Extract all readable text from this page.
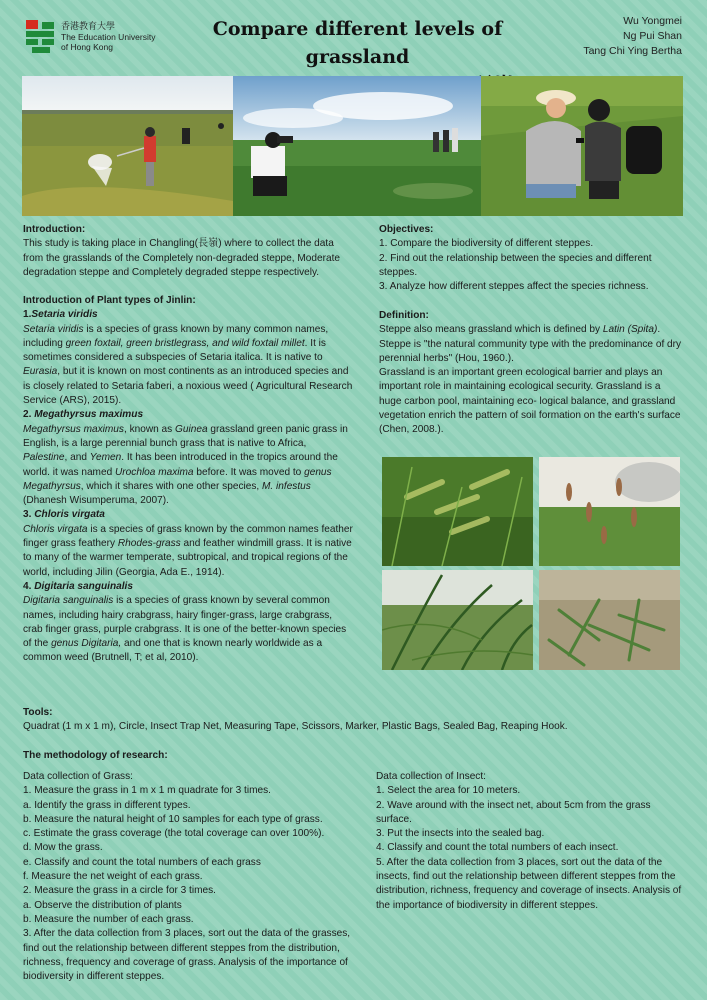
香港教育大學
The Education University
of Hong Kong
Compare different levels of grassland
Wu Yongmei
Ng Pui Shan
Tang Chi Ying Bertha

Introduction:

This study is taking place in Changling(長嶺) where to collect the data from the grasslands of the Completely non-degraded steppe, Moderate degradation steppe and Completely degraded steppe respectively.

Introduction of Plant types of Jinlin:

1.Setaria viridis

Setaria viridis is a species of grass known by many common names, including green foxtail, green bristlegrass, and wild foxtail millet. It is sometimes considered a subspecies of Setaria italica. It is native to Eurasia, but it is known on most continents as an introduced species and is closely related to Setaria faberi, a noxious weed ( Agricultural Research Service (ARS), 2015).

2. Megathyrsus maximus

Megathyrsus maximus, known as Guinea grassland green panic grass in English, is a large perennial bunch grass that is native to Africa, Palestine, and Yemen. It has been introduced in the tropics around the world. it was named Urochloa maxima before. It was moved to genus Megathyrsus, which it shares with one other species, M. infestus (Dhanesh Wisumperuma, 2007).

3. Chloris virgata

Chloris virgata is a species of grass known by the common names feather finger grass feathery Rhodes-grass and feather windmill grass. It is native to many of the warmer temperate, subtropical, and tropical regions of the world, including Jilin (Georgia, Ada E., 1914).

4. Digitaria sanguinalis

Digitaria sanguinalis is a species of grass known by several common names, including hairy crabgrass, hairy finger-grass, large crabgrass, crab finger grass, purple crabgrass. It is one of the better-known species of the genus Digitaria, and one that is known nearly worldwide as a common weed (Brutnell, T; et al, 2010).

Objectives:

1. Compare the biodiversity of different steppes.

2. Find out the relationship between the species and different steppes.

3. Analyze how different steppes affect the species richness.

Definition:

Steppe also means grassland which is defined by Latin (Spita). Steppe is "the natural community type with the predominance of dry perennial herbs" (Hou, 1960.).

Grassland is an important green ecological barrier and plays an important role in maintaining ecological security. Grassland is a huge carbon pool, maintaining eco- logical balance, and grassland vegetation enrich the pattern of soil formation on the earth's surface (Chen, 2008.).

Tools:

Quadrat (1 m x 1 m), Circle, Insect Trap Net, Measuring Tape, Scissors, Marker, Plastic Bags, Sealed Bag, Reaping Hook.

The methodology of research:

Data collection of Grass:

1. Measure the grass in 1 m x 1 m quadrate for 3 times.
a. Identify the grass in different types.
b. Measure the natural height of 10 samples for each type of grass.
c. Estimate the grass coverage (the total coverage can over 100%).
d. Mow the grass.
e. Classify and count the total numbers of each grass
f. Measure the net weight of each grass.
2. Measure the grass in a circle for 3 times.
a. Observe the distribution of plants
b. Measure the number of each grass.
3. After the data collection from 3 places, sort out the data of the grasses, find out the relationship between different steppes from the distribution, richness, frequency and coverage of grass. Analysis of the importance of biodiversity in different steppes.

Data collection of Insect:

1. Select the area for 10 meters.
2. Wave around with the insect net, about 5cm from the grass surface.
3. Put the insects into the sealed bag.
4. Classify and count the total numbers of each insect.
5. After the data collection from 3 places, sort out the data of the insects, find out the relationship between different steppes from the distribution, richness, frequency and coverage of insects. Analysis of the importance of biodiversity in different steppes.
